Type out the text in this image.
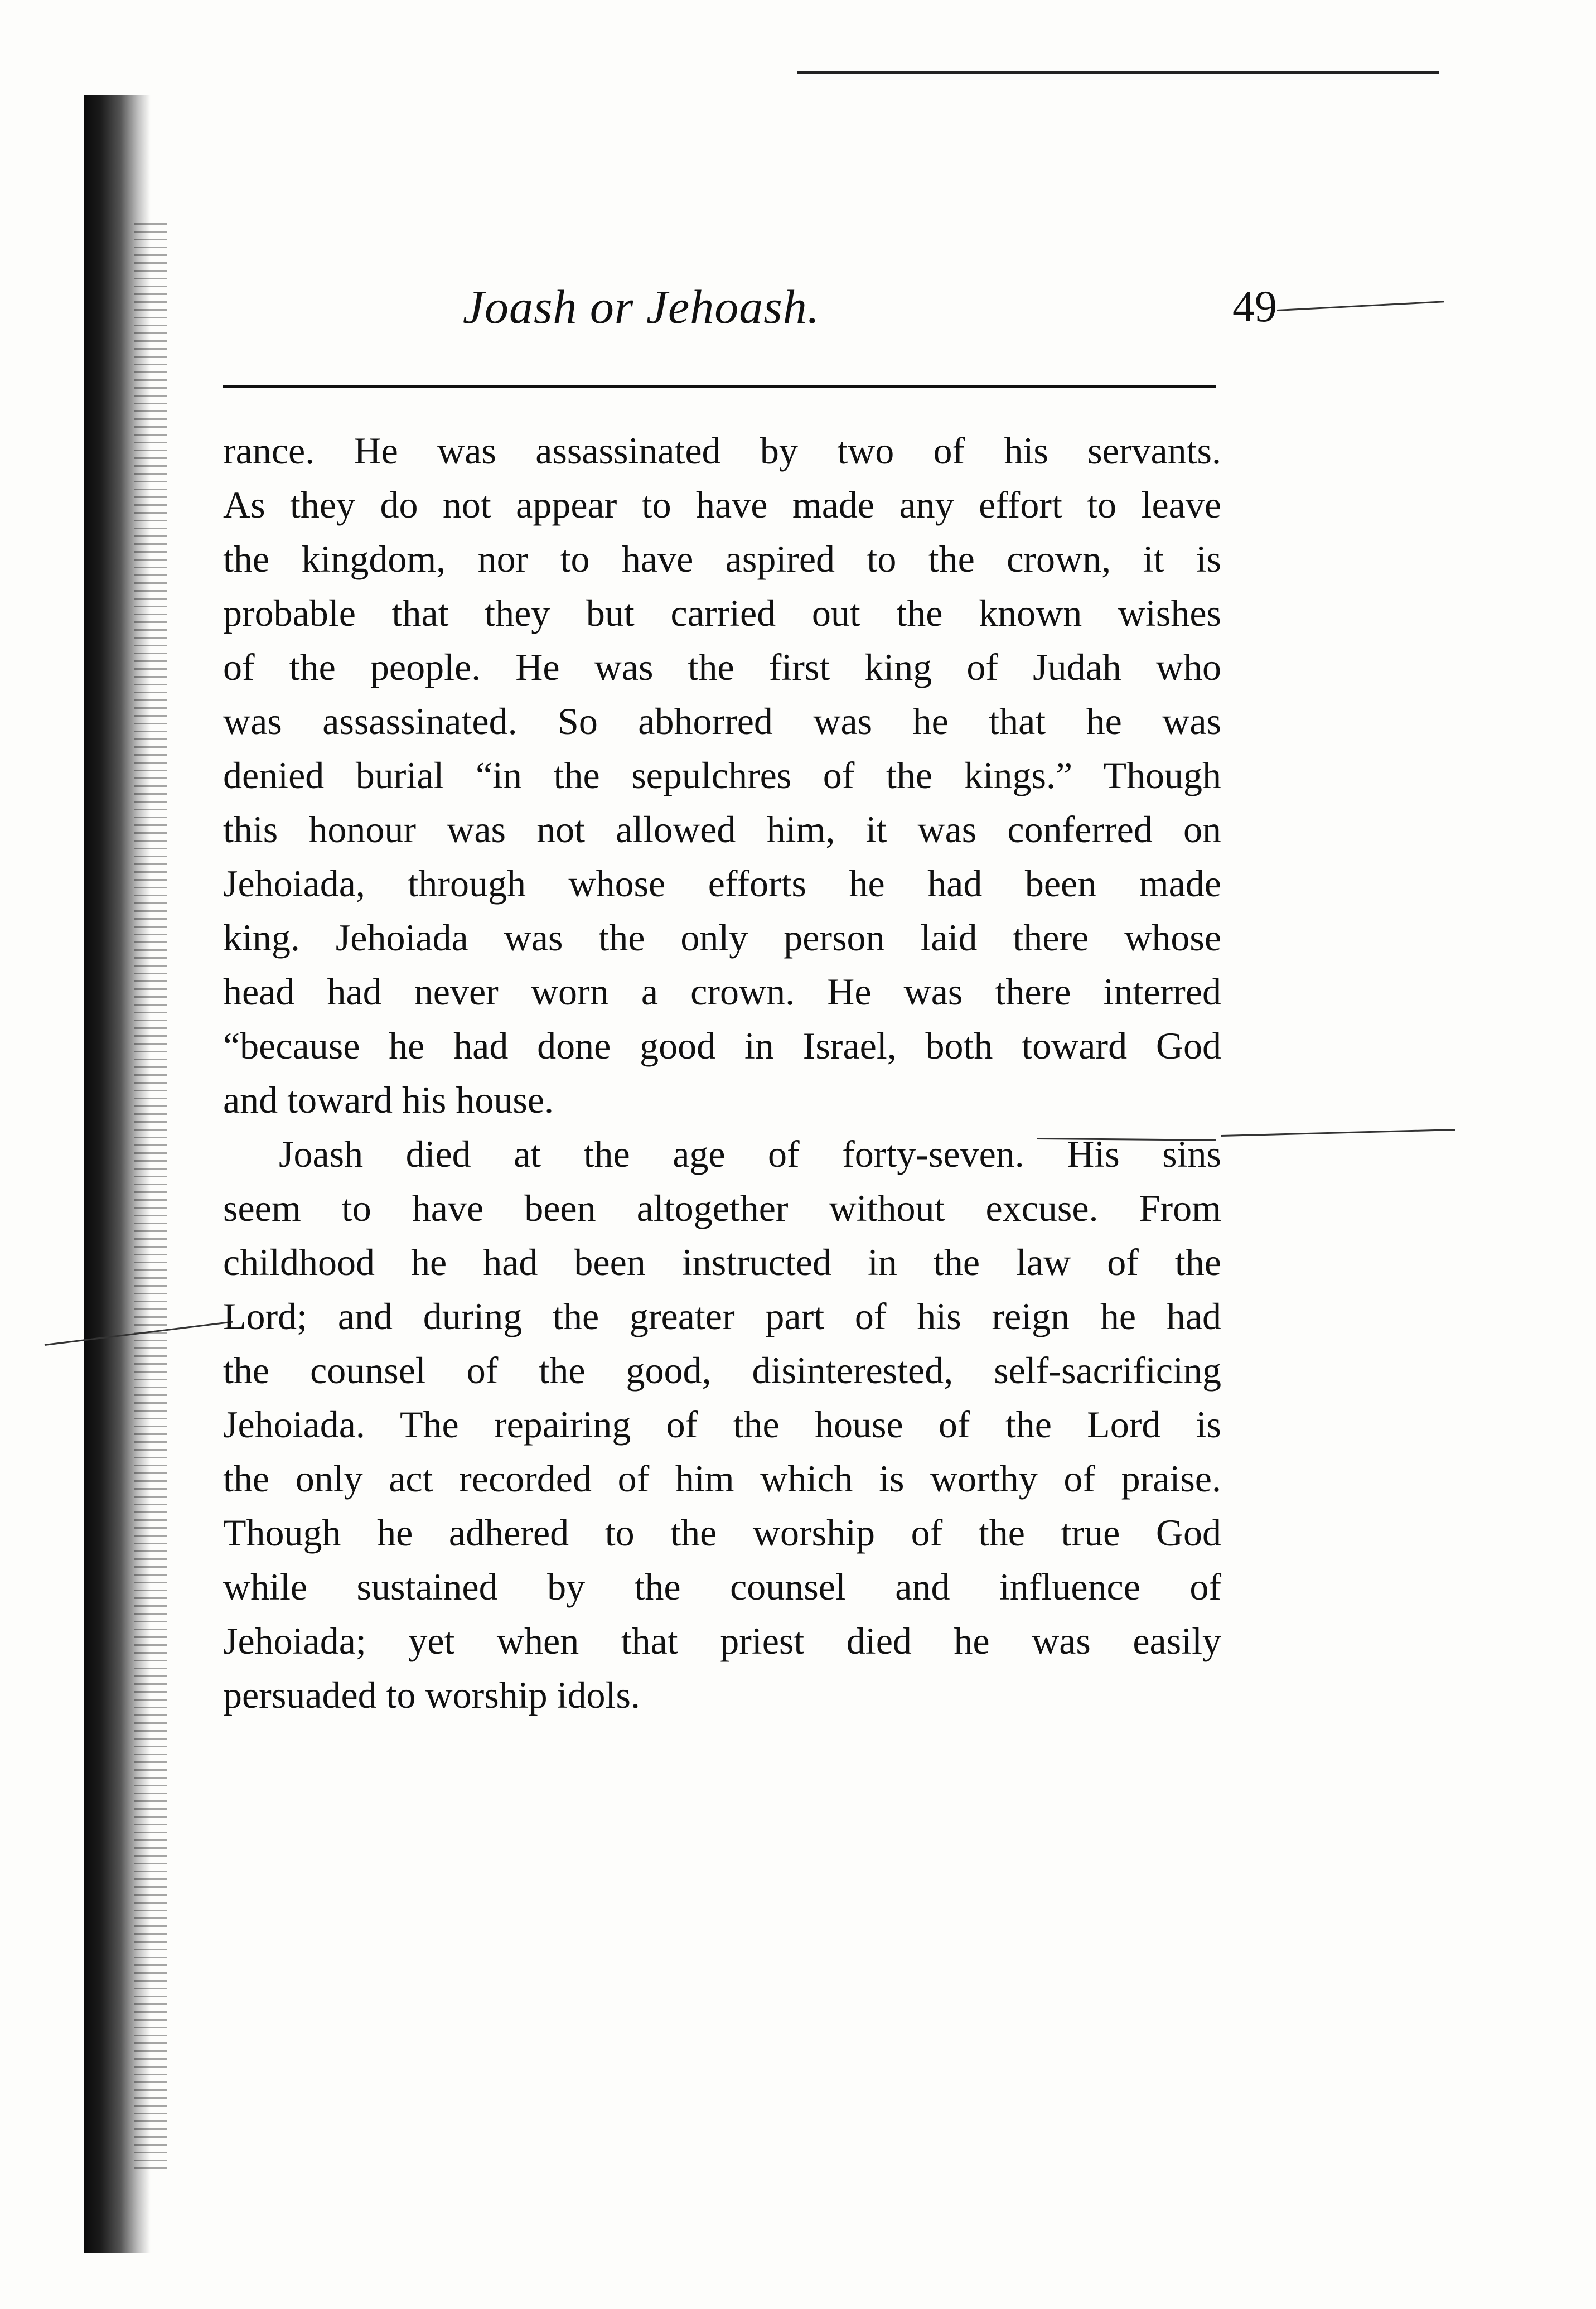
Joash or Jehoash.	49
rance. He was assassinated by two of his servants.
As they do not appear to have made any effort to leave
the kingdom, nor to have aspired to the crown, it is
probable that they but carried out the known wishes
of the people. He was the first king of Judah who
was assassinated. So abhorred was he that he was
denied burial “in the sepulchres of the kings.” Though
this honour was not allowed him, it was conferred on
Jehoiada, through whose efforts he had been made
king. Jehoiada was the only person laid there whose
head had never worn a crown. He was there interred
“because he had done good in Israel, both toward God
and toward his house.
Joash died at the age of forty-seven. His sins
seem to have been altogether without excuse. From
childhood he had been instructed in the law of the
Lord; and during the greater part of his reign he had
the counsel of the good, disinterested, self-sacrificing
Jehoiada. The repairing of the house of the Lord is
the only act recorded of him which is worthy of praise.
Though he adhered to the worship of the true God
while sustained by the counsel and influence of
Jehoiada; yet when that priest died he was easily
persuaded to worship idols.
